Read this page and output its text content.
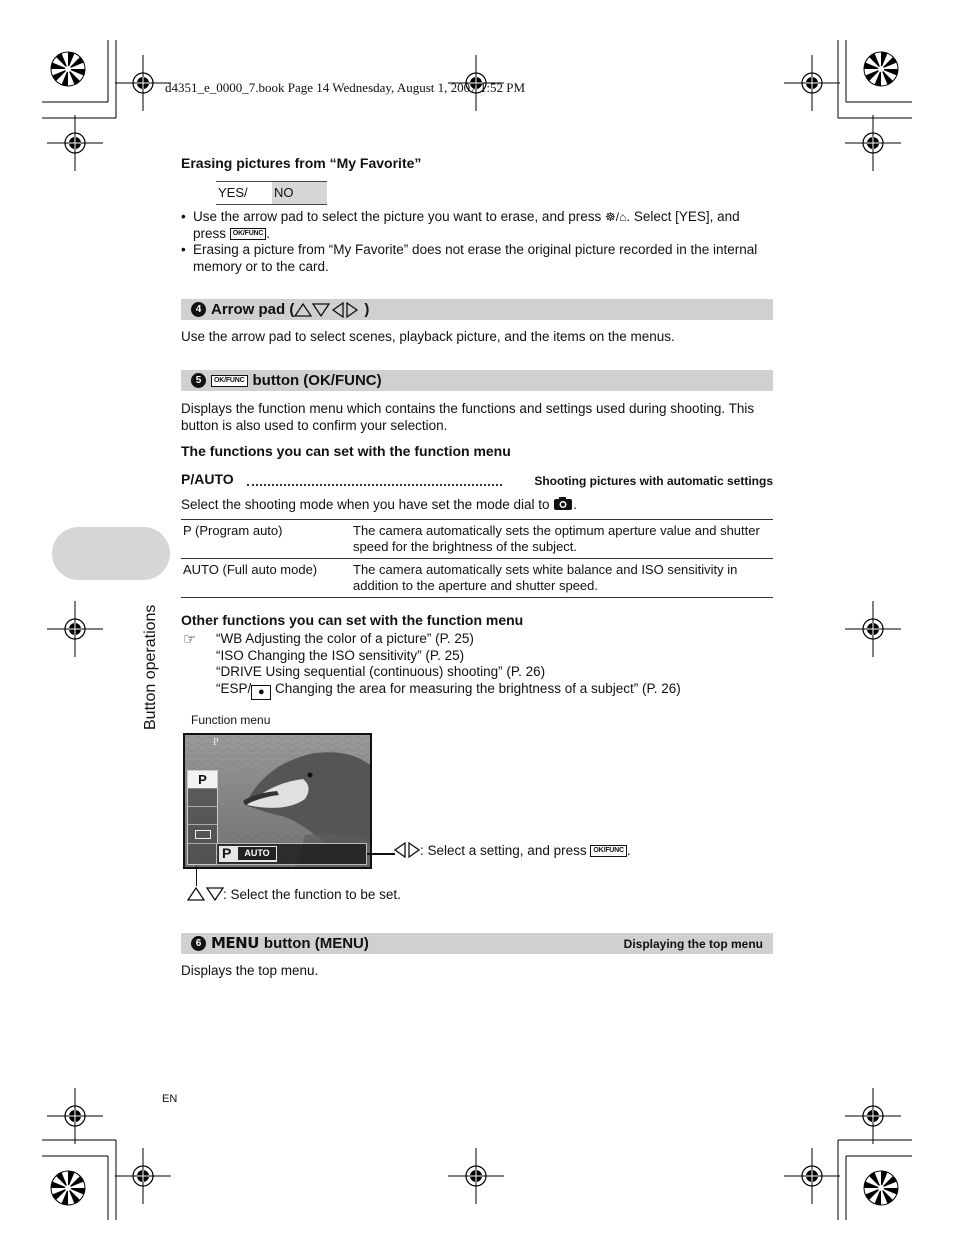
d4351_e_0000_7.book Page 14 Wednesday, August 1, 2007 1:52 PM
Erasing pictures from “My Favorite”
YES/ NO
• Use the arrow pad to select the picture you want to erase, and press ☸/⌂. Select [YES], and press OK/FUNC .
• Erasing a picture from “My Favorite” does not erase the original picture recorded in the internal memory or to the card.
4 Arrow pad (	)
Use the arrow pad to select scenes, playback picture, and the items on the menus.
5	OK/FUNC button (OK/FUNC)
Displays the function menu which contains the functions and settings used during shooting. This button is also used to confirm your selection.
The functions you can set with the function menu
P/AUTO	Shooting pictures with automatic settings
Select the shooting mode when you have set the mode dial to .
P (Program auto)	The camera automatically sets the optimum aperture value and shutter speed for the brightness of the subject.
AUTO (Full auto mode)	The camera automatically sets white balance and ISO sensitivity in addition to the aperture and shutter speed.
Other functions you can set with the function menu
☞ “WB Adjusting the color of a picture” (P. 25)
“ISO Changing the ISO sensitivity” (P. 25)
“DRIVE Using sequential (continuous) shooting” (P. 26)
“ESP/ ● Changing the area for measuring the brightness of a subject” (P. 26)
Function menu
P
P
P	AUTO	: Select a setting, and press OK/FUNC .
: Select the function to be set.
6 MENU button (MENU)	Displaying the top menu
Displays the top menu.
Button operations
EN
